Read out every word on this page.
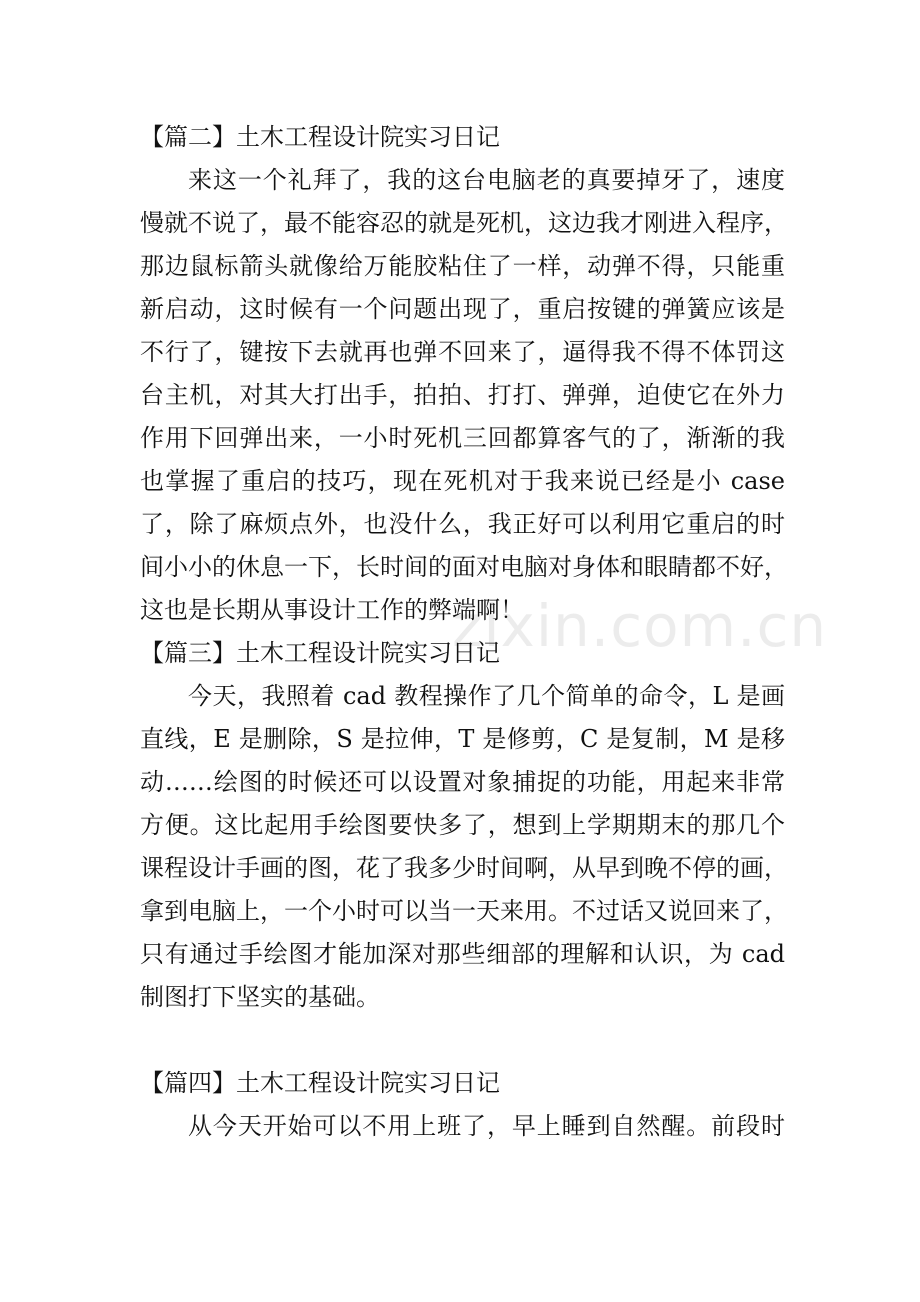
zixin.com.cn
【篇二】土木工程设计院实习日记
来这一个礼拜了，我的这台电脑老的真要掉牙了，速度
慢就不说了，最不能容忍的就是死机，这边我才刚进入程序，
那边鼠标箭头就像给万能胶粘住了一样，动弹不得，只能重
新启动，这时候有一个问题出现了，重启按键的弹簧应该是
不行了，键按下去就再也弹不回来了，逼得我不得不体罚这
台主机，对其大打出手，拍拍、打打、弹弹，迫使它在外力
作用下回弹出来，一小时死机三回都算客气的了，渐渐的我
也掌握了重启的技巧，现在死机对于我来说已经是小 case
了，除了麻烦点外，也没什么，我正好可以利用它重启的时
间小小的休息一下，长时间的面对电脑对身体和眼睛都不好，
这也是长期从事设计工作的弊端啊！
【篇三】土木工程设计院实习日记
今天，我照着 cad 教程操作了几个简单的命令，L 是画
直线，E 是删除，S 是拉伸，T 是修剪，C 是复制，M 是移
动……绘图的时候还可以设置对象捕捉的功能，用起来非常
方便。这比起用手绘图要快多了，想到上学期期末的那几个
课程设计手画的图，花了我多少时间啊，从早到晚不停的画，
拿到电脑上，一个小时可以当一天来用。不过话又说回来了，
只有通过手绘图才能加深对那些细部的理解和认识，为 cad
制图打下坚实的基础。
【篇四】土木工程设计院实习日记
从今天开始可以不用上班了，早上睡到自然醒。前段时
